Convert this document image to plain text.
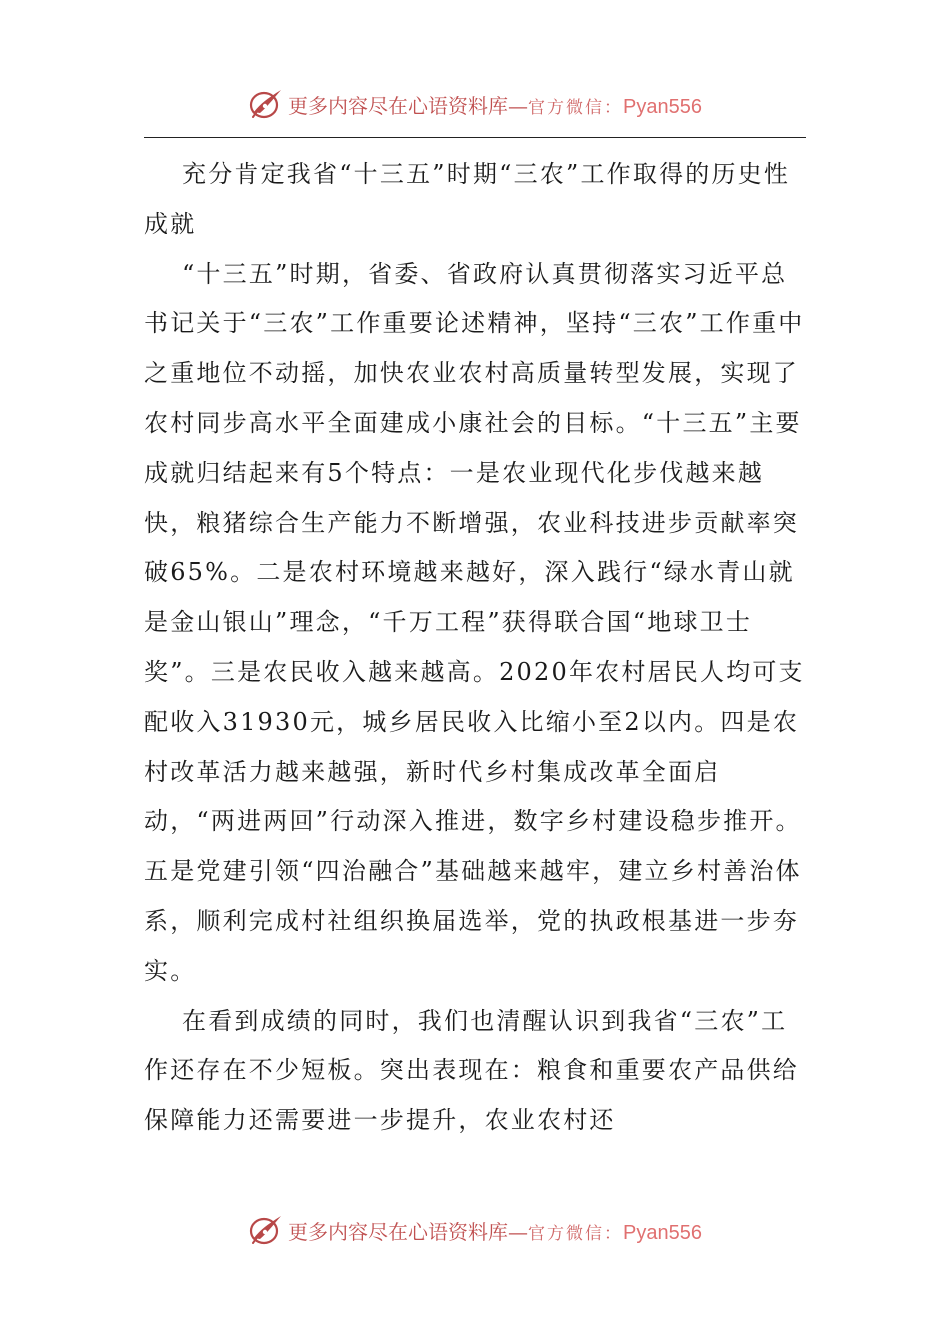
更多内容尽在心语资料库—官方微信：Pyan556

充分肯定我省“十三五”时期“三农”工作取得的历史性成就

“十三五”时期，省委、省政府认真贯彻落实习近平总书记关于“三农”工作重要论述精神，坚持“三农”工作重中之重地位不动摇，加快农业农村高质量转型发展，实现了农村同步高水平全面建成小康社会的目标。“十三五”主要成就归结起来有5个特点：一是农业现代化步伐越来越快，粮猪综合生产能力不断增强，农业科技进步贡献率突破65%。二是农村环境越来越好，深入践行“绿水青山就是金山银山”理念，“千万工程”获得联合国“地球卫士奖”。三是农民收入越来越高。2020年农村居民人均可支配收入31930元，城乡居民收入比缩小至2以内。四是农村改革活力越来越强，新时代乡村集成改革全面启动，“两进两回”行动深入推进，数字乡村建设稳步推开。五是党建引领“四治融合”基础越来越牢，建立乡村善治体系，顺利完成村社组织换届选举，党的执政根基进一步夯实。

在看到成绩的同时，我们也清醒认识到我省“三农”工作还存在不少短板。突出表现在：粮食和重要农产品供给保障能力还需要进一步提升，农业农村还

更多内容尽在心语资料库—官方微信：Pyan556
